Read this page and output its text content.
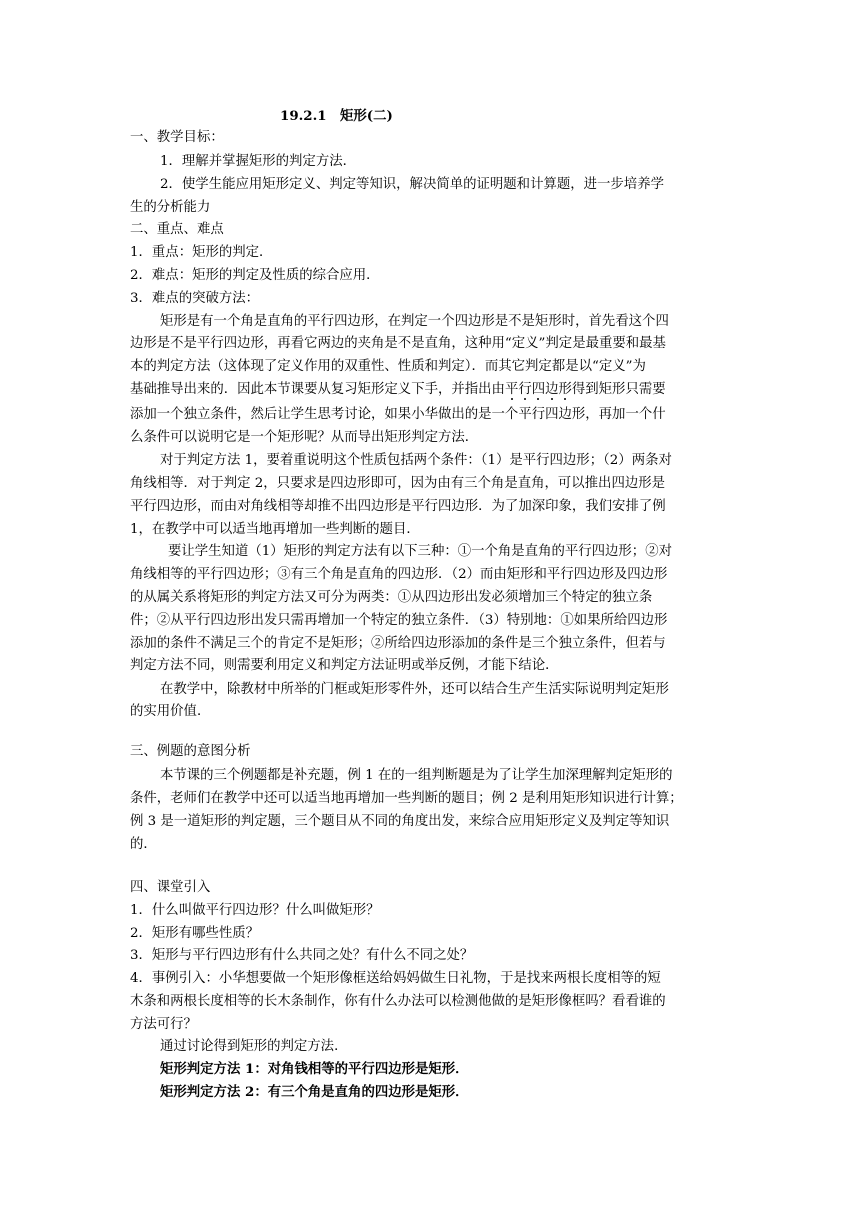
19.2.1　矩形(二)
一、教学目标：
1．理解并掌握矩形的判定方法．
2．使学生能应用矩形定义、判定等知识，解决简单的证明题和计算题，进一步培养学
生的分析能力
二、重点、难点
1．重点：矩形的判定．
2．难点：矩形的判定及性质的综合应用．
3．难点的突破方法：
矩形是有一个角是直角的平行四边形，在判定一个四边形是不是矩形时，首先看这个四
边形是不是平行四边形，再看它两边的夹角是不是直角，这种用“定义”判定是最重要和最基
本的判定方法（这体现了定义作用的双重性、性质和判定）．而其它判定都是以“定义”为
基础推导出来的．因此本节课要从复习矩形定义下手，并指出由平行四边形得到矩形只需要
添加一个独立条件，然后让学生思考讨论，如果小华做出的是一个平行四边形，再加一个什
么条件可以说明它是一个矩形呢？从而导出矩形判定方法．
对于判定方法 1，要着重说明这个性质包括两个条件：（1）是平行四边形；（2）两条对
角线相等．对于判定 2，只要求是四边形即可，因为由有三个角是直角，可以推出四边形是
平行四边形，而由对角线相等却推不出四边形是平行四边形．为了加深印象，我们安排了例
1，在教学中可以适当地再增加一些判断的题目．
要让学生知道（1）矩形的判定方法有以下三种：①一个角是直角的平行四边形；②对
角线相等的平行四边形；③有三个角是直角的四边形．（2）而由矩形和平行四边形及四边形
的从属关系将矩形的判定方法又可分为两类：①从四边形出发必须增加三个特定的独立条
件；②从平行四边形出发只需再增加一个特定的独立条件．（3）特别地：①如果所给四边形
添加的条件不满足三个的肯定不是矩形；②所给四边形添加的条件是三个独立条件，但若与
判定方法不同，则需要利用定义和判定方法证明或举反例，才能下结论．
在教学中，除教材中所举的门框或矩形零件外，还可以结合生产生活实际说明判定矩形
的实用价值．
三、例题的意图分析
本节课的三个例题都是补充题，例 1 在的一组判断题是为了让学生加深理解判定矩形的
条件，老师们在教学中还可以适当地再增加一些判断的题目；例 2 是利用矩形知识进行计算；
例 3 是一道矩形的判定题，三个题目从不同的角度出发，来综合应用矩形定义及判定等知识
的．
四、课堂引入
1．什么叫做平行四边形？什么叫做矩形？
2．矩形有哪些性质？
3．矩形与平行四边形有什么共同之处？有什么不同之处？
4．事例引入：小华想要做一个矩形像框送给妈妈做生日礼物，于是找来两根长度相等的短
木条和两根长度相等的长木条制作，你有什么办法可以检测他做的是矩形像框吗？看看谁的
方法可行？
通过讨论得到矩形的判定方法．
矩形判定方法 1：对角钱相等的平行四边形是矩形．
矩形判定方法 2：有三个角是直角的四边形是矩形．
